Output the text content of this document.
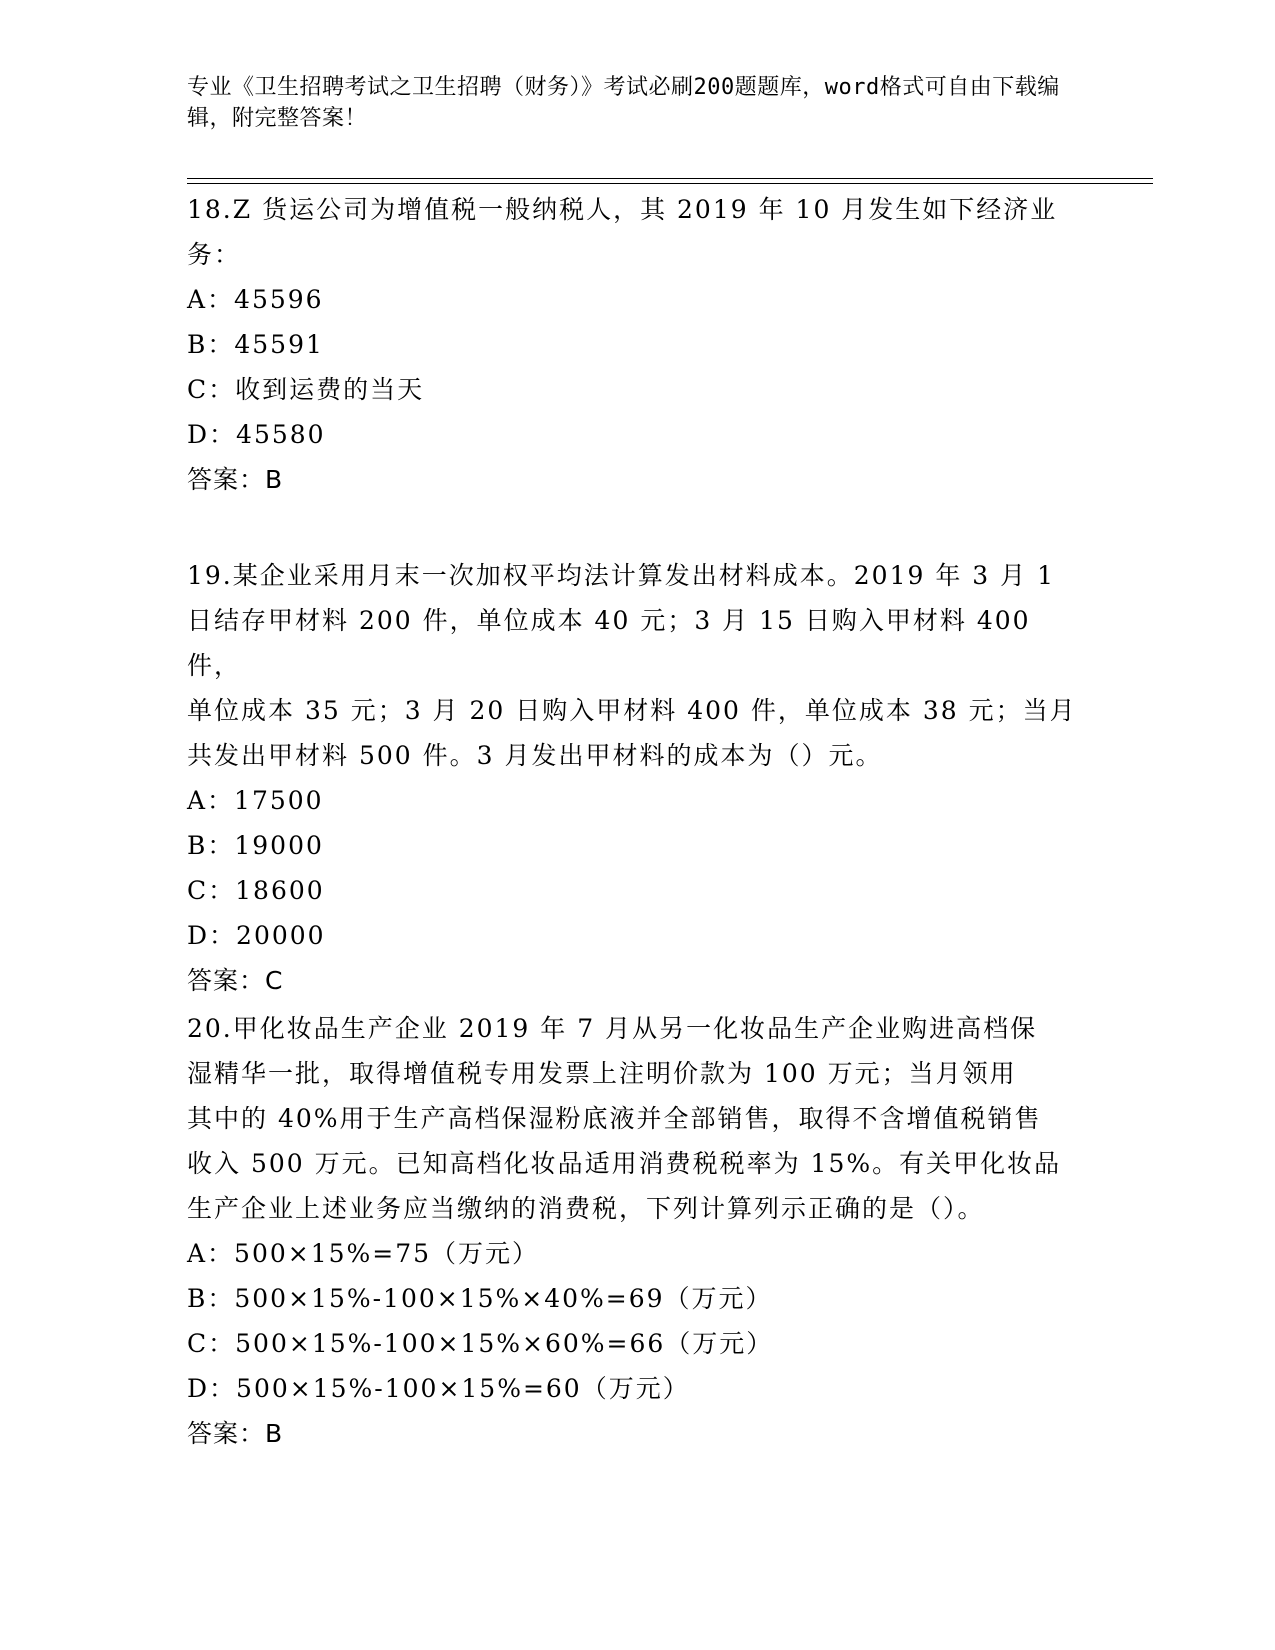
专业《卫生招聘考试之卫生招聘（财务）》考试必刷200题题库，word格式可自由下载编辑，附完整答案！
18.Z 货运公司为增值税一般纳税人，其 2019 年 10 月发生如下经济业
务：
A：45596
B：45591
C：收到运费的当天
D：45580
答案：B
19.某企业采用月末一次加权平均法计算发出材料成本。2019 年 3 月 1
日结存甲材料 200 件，单位成本 40 元；3 月 15 日购入甲材料 400 件，
单位成本 35 元；3 月 20 日购入甲材料 400 件，单位成本 38 元；当月
共发出甲材料 500 件。3 月发出甲材料的成本为（）元。
A：17500
B：19000
C：18600
D：20000
答案：C
20.甲化妆品生产企业 2019 年 7 月从另一化妆品生产企业购进高档保
湿精华一批，取得增值税专用发票上注明价款为 100 万元；当月领用
其中的 40%用于生产高档保湿粉底液并全部销售，取得不含增值税销售
收入 500 万元。已知高档化妆品适用消费税税率为 15%。有关甲化妆品
生产企业上述业务应当缴纳的消费税，下列计算列示正确的是（）。
A：500×15%=75（万元）
B：500×15%-100×15%×40%=69（万元）
C：500×15%-100×15%×60%=66（万元）
D：500×15%-100×15%=60（万元）
答案：B
